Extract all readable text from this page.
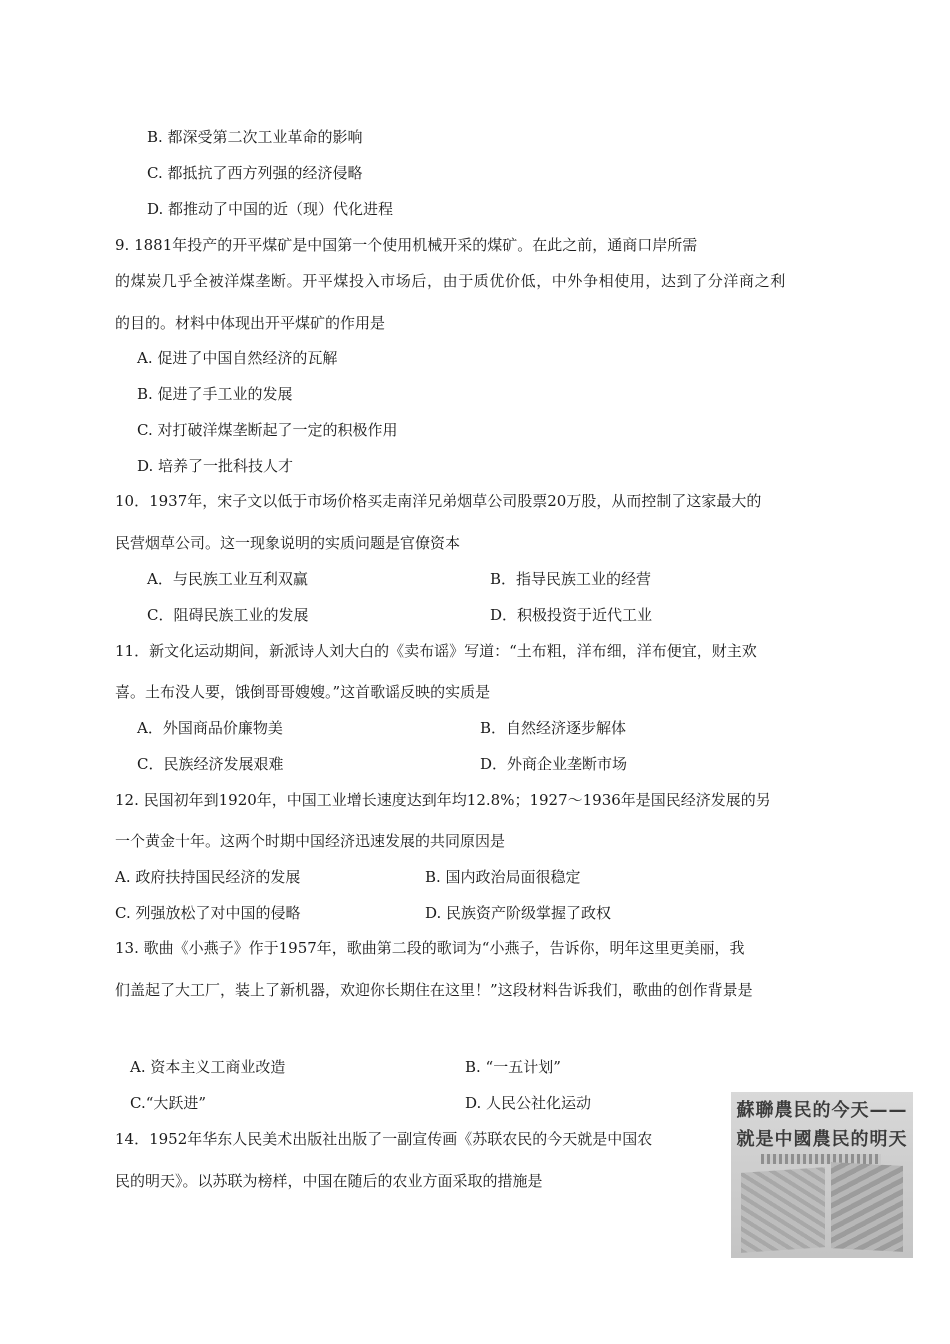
B. 都深受第二次工业革命的影响
C. 都抵抗了西方列强的经济侵略
D. 都推动了中国的近（现）代化进程
9. 1881年投产的开平煤矿是中国第一个使用机械开采的煤矿。在此之前，通商口岸所需
的煤炭几乎全被洋煤垄断。开平煤投入市场后，由于质优价低，中外争相使用，达到了分洋商之利
的目的。材料中体现出开平煤矿的作用是
A. 促进了中国自然经济的瓦解
B. 促进了手工业的发展
C. 对打破洋煤垄断起了一定的积极作用
D. 培养了一批科技人才
10．1937年，宋子文以低于市场价格买走南洋兄弟烟草公司股票20万股，从而控制了这家最大的
民营烟草公司。这一现象说明的实质问题是官僚资本
A．与民族工业互利双赢	B．指导民族工业的经营
C．阻碍民族工业的发展	D．积极投资于近代工业
11．新文化运动期间，新派诗人刘大白的《卖布谣》写道：“土布粗，洋布细，洋布便宜，财主欢
喜。土布没人要，饿倒哥哥嫂嫂。”这首歌谣反映的实质是
A．外国商品价廉物美	B．自然经济逐步解体
C．民族经济发展艰难	D．外商企业垄断市场
12. 民国初年到1920年，中国工业增长速度达到年均12.8%；1927～1936年是国民经济发展的另
一个黄金十年。这两个时期中国经济迅速发展的共同原因是
A. 政府扶持国民经济的发展	B. 国内政治局面很稳定
C. 列强放松了对中国的侵略	D. 民族资产阶级掌握了政权
13. 歌曲《小燕子》作于1957年，歌曲第二段的歌词为“小燕子，告诉你，明年这里更美丽，我
们盖起了大工厂，装上了新机器，欢迎你长期住在这里！”这段材料告诉我们，歌曲的创作背景是
A. 资本主义工商业改造	B. “一五计划”
C.“大跃进”	D. 人民公社化运动
14．1952年华东人民美术出版社出版了一副宣传画《苏联农民的今天就是中国农
民的明天》。以苏联为榜样，中国在随后的农业方面采取的措施是
蘇聯農民的今天——
就是中國農民的明天
